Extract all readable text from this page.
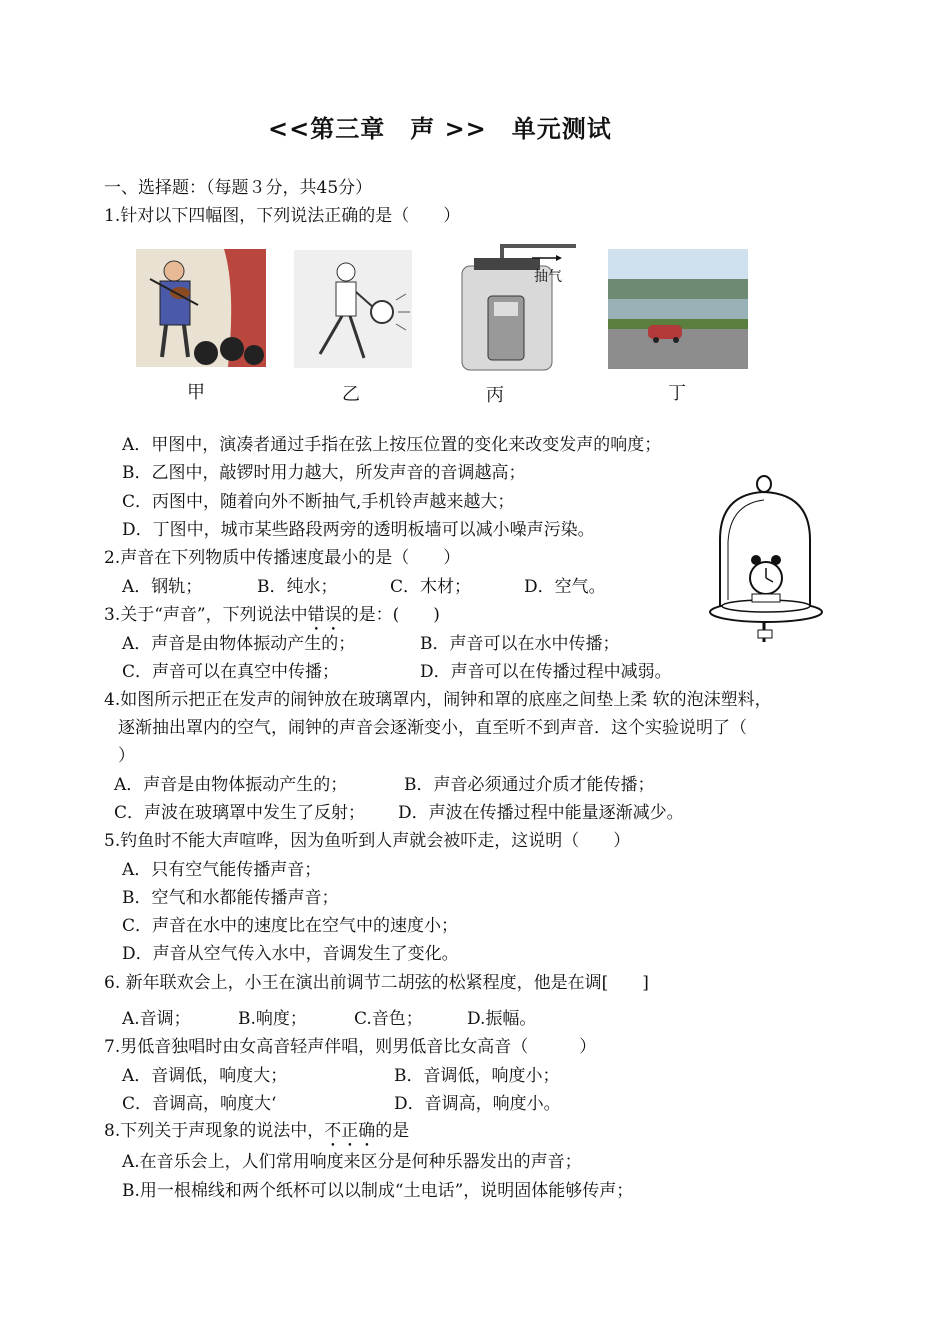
<<第三章　声 >>　单元测试
一、选择题：（每题３分，共45分）
1.针对以下四幅图，下列说法正确的是（　　）
甲	乙
抽气
丙	丁
A．甲图中，演凑者通过手指在弦上按压位置的变化来改变发声的响度；
B．乙图中，敲锣时用力越大，所发声音的音调越高；
C．丙图中，随着向外不断抽气,手机铃声越来越大；
D．丁图中，城市某些路段两旁的透明板墙可以减小噪声污染。
2.声音在下列物质中传播速度最小的是（　　）
A．钢轨；	B．纯水；	C．木材；	D．空气。
3.关于“声音”，下列说法中错误的是：(　　)
A．声音是由物体振动产生的；	B．声音可以在水中传播；
C．声音可以在真空中传播；	D．声音可以在传播过程中减弱。
4.如图所示把正在发声的闹钟放在玻璃罩内，闹钟和罩的底座之间垫上柔 软的泡沫塑料，
逐渐抽出罩内的空气，闹钟的声音会逐渐变小，直至听不到声音．这个实验说明了（
）
A．声音是由物体振动产生的；	B．声音必须通过介质才能传播；
C．声波在玻璃罩中发生了反射； D．声波在传播过程中能量逐渐减少。
5.钓鱼时不能大声喧哗，因为鱼听到人声就会被吓走，这说明（　　）
A．只有空气能传播声音；
B．空气和水都能传播声音；
C．声音在水中的速度比在空气中的速度小；
D．声音从空气传入水中，音调发生了变化。
6. 新年联欢会上，小王在演出前调节二胡弦的松紧程度，他是在调[　　]
A.音调；	B.响度；	C.音色；	D.振幅。
7.男低音独唱时由女高音轻声伴唱，则男低音比女高音（　　　）
A．音调低，响度大；	B．音调低，响度小；
C．音调高，响度大‘	D．音调高，响度小。
8.下列关于声现象的说法中，不正确的是
A.在音乐会上，人们常用响度来区分是何种乐器发出的声音；
B.用一根棉线和两个纸杯可以以制成“土电话”，说明固体能够传声；
